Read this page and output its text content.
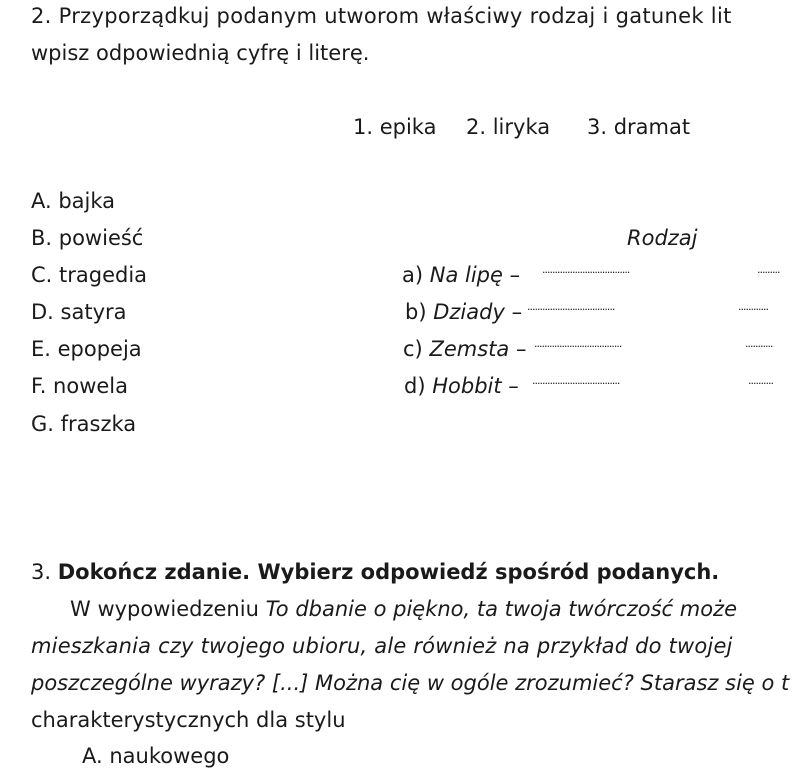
2. Przyporządkuj podanym utworom właściwy rodzaj i gatunek lit
wpisz odpowiednią cyfrę i literę.
1. epika 2. liryka 3. dramat
A. bajka
B. powieść
C. tragedia
D. satyra
E. epopeja
F. nowela
G. fraszka
Rodzaj
a) Na lipę – ...................................	.........
b) Dziady – ...................................	............
c) Zemsta – ...................................	...........
d) Hobbit – ...................................	..........
3. Dokończ zdanie. Wybierz odpowiedź spośród podanych.
W wypowiedzeniu To dbanie o piękno, ta twoja twórczość może
mieszkania czy twojego ubioru, ale również na przykład do twojej
poszczególne wyrazy? [...] Można cię w ogóle zrozumieć? Starasz się o t
charakterystycznych dla stylu
A. naukowego
